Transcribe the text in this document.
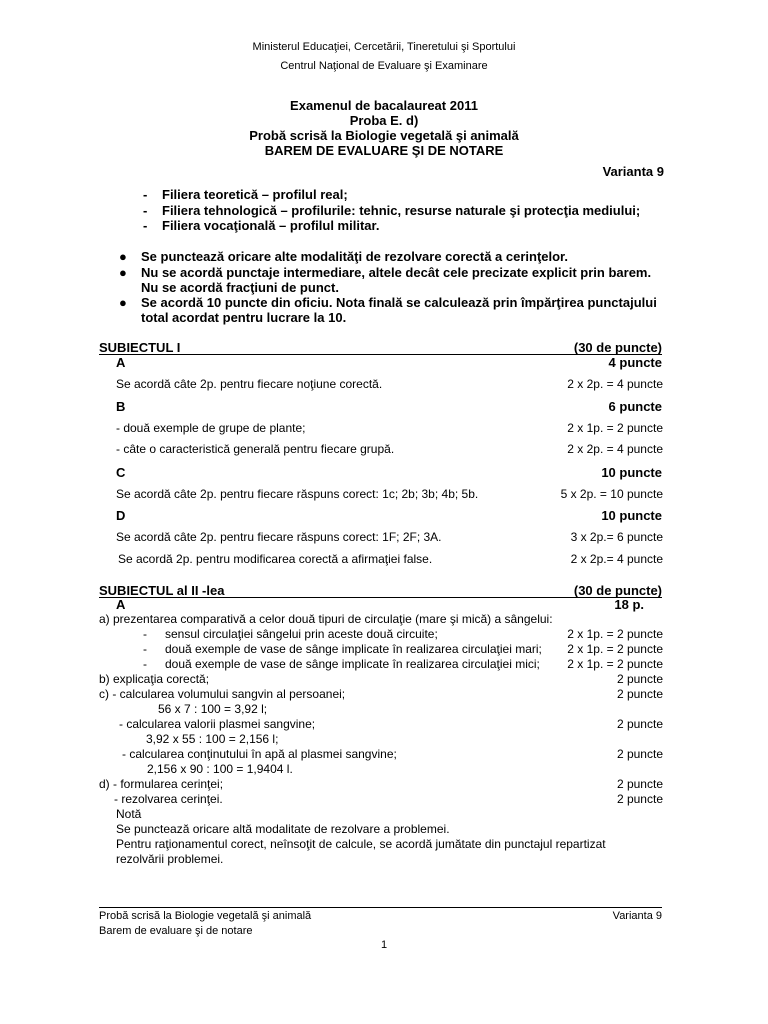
Ministerul Educaţiei, Cercetării, Tineretului şi Sportului
Centrul Naţional de Evaluare şi Examinare
Examenul de bacalaureat 2011
Proba E. d)
Probă scrisă la Biologie vegetală şi animală
BAREM DE EVALUARE ŞI DE NOTARE
Varianta 9
- Filiera teoretică – profilul real;
- Filiera tehnologică – profilurile: tehnic, resurse naturale şi protecţia mediului;
- Filiera vocaţională – profilul militar.
● Se punctează oricare alte modalităţi de rezolvare corectă a cerinţelor.
● Nu se acordă punctaje intermediare, altele decât cele precizate explicit prin barem.
Nu se acordă fracţiuni de punct.
● Se acordă 10 puncte din oficiu. Nota finală se calculează prin împărţirea punctajului
total acordat pentru lucrare la 10.
SUBIECTUL I	(30 de puncte)
A	4 puncte
Se acordă câte 2p. pentru fiecare noţiune corectă.	2 x 2p. = 4 puncte
B	6 puncte
- două exemple de grupe de plante;	2 x 1p. = 2 puncte
- câte o caracteristică generală pentru fiecare grupă.	2 x 2p. = 4 puncte
C	10 puncte
Se acordă câte 2p. pentru fiecare răspuns corect: 1c; 2b; 3b; 4b; 5b.	5 x 2p. = 10 puncte
D	10 puncte
Se acordă câte 2p. pentru fiecare răspuns corect: 1F; 2F; 3A.	3 x 2p.= 6 puncte
Se acordă 2p. pentru modificarea corectă a afirmaţiei false.	2 x 2p.= 4 puncte
SUBIECTUL al II -lea	(30 de puncte)
A	18 p.
a) prezentarea comparativă a celor două tipuri de circulaţie (mare şi mică) a sângelui:
- sensul circulaţiei sângelui prin aceste două circuite;	2 x 1p. = 2 puncte
- două exemple de vase de sânge implicate în realizarea circulaţiei mari; 2 x 1p. = 2 puncte
- două exemple de vase de sânge implicate în realizarea circulaţiei mici; 2 x 1p. = 2 puncte
b) explicaţia corectă;	2 puncte
c) - calcularea volumului sangvin al persoanei;	2 puncte
56 x 7 : 100 = 3,92 l;
- calcularea valorii plasmei sangvine;	2 puncte
3,92 x 55 : 100 = 2,156 l;
- calcularea conţinutului în apă al plasmei sangvine;	2 puncte
2,156 x 90 : 100 = 1,9404 l.
d) - formularea cerinţei;	2 puncte
- rezolvarea cerinţei.	2 puncte
Notă
Se punctează oricare altă modalitate de rezolvare a problemei.
Pentru raţionamentul corect, neînsoţit de calcule, se acordă jumătate din punctajul repartizat
rezolvării problemei.
Probă scrisă la Biologie vegetală şi animală	Varianta 9
Barem de evaluare şi de notare
1
